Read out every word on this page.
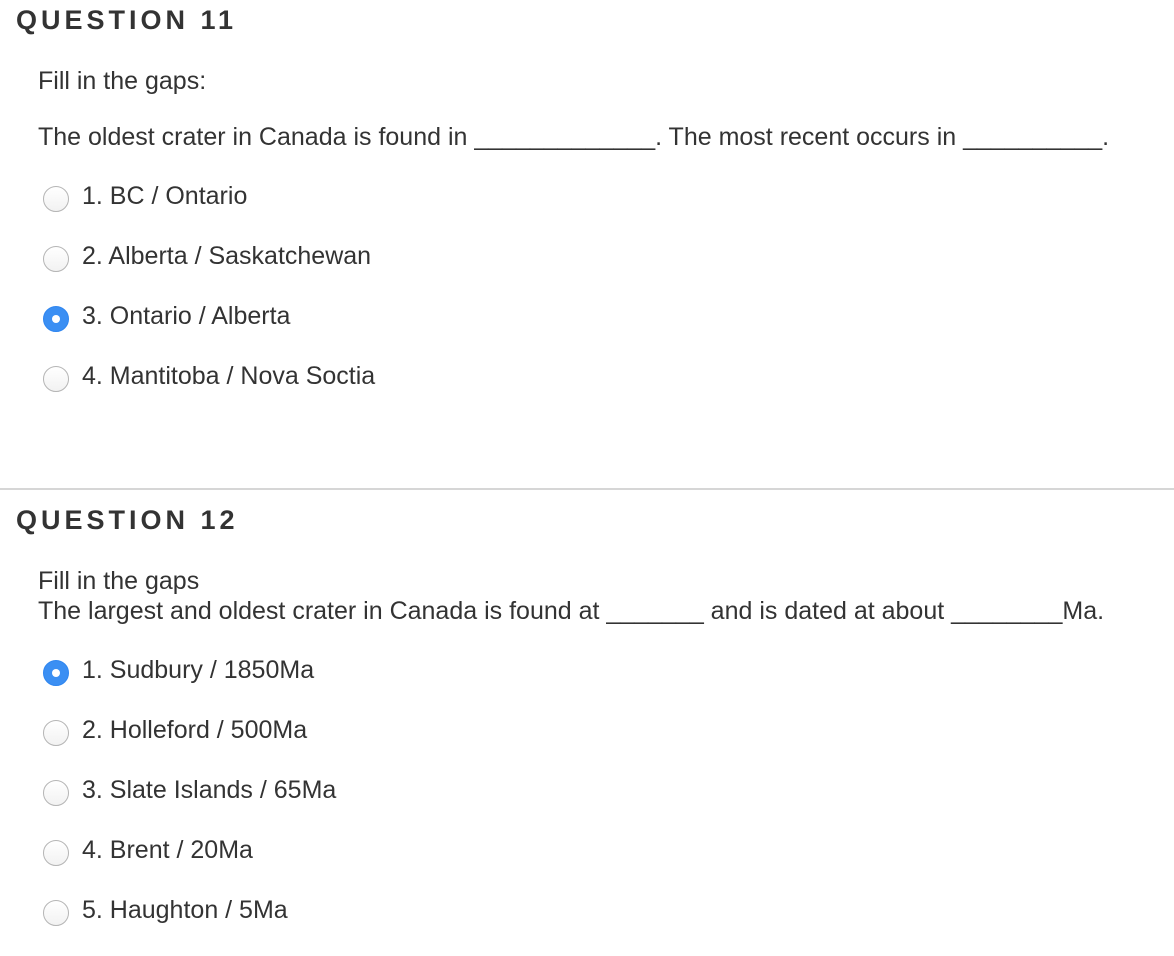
QUESTION 11
Fill in the gaps:
The oldest crater in Canada is found in _____________. The most recent occurs in __________.
1. BC / Ontario
2. Alberta / Saskatchewan
3. Ontario / Alberta
4. Mantitoba / Nova Soctia
QUESTION 12
Fill in the gaps
The largest and oldest crater in Canada is found at _______ and is dated at about ________Ma.
1. Sudbury / 1850Ma
2. Holleford / 500Ma
3. Slate Islands / 65Ma
4. Brent / 20Ma
5. Haughton / 5Ma
